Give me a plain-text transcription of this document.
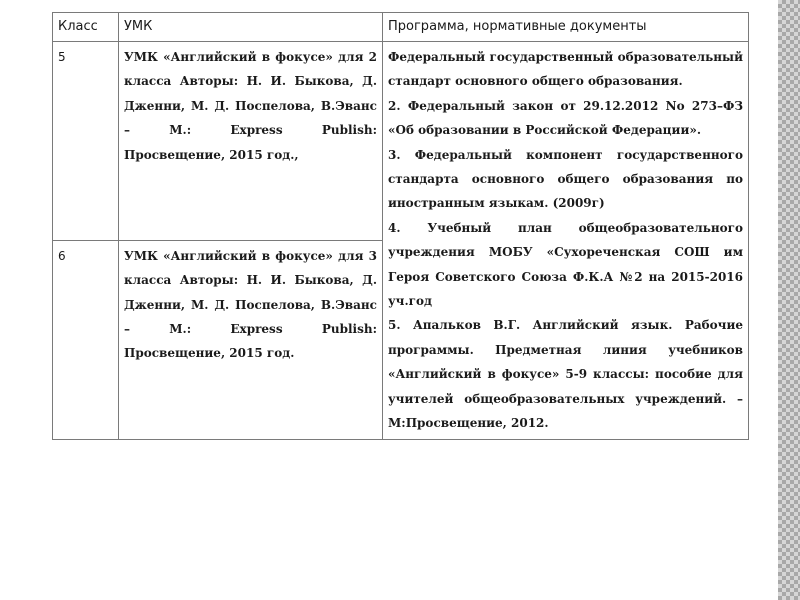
Класс	УМК	Программа, нормативные документы
5	УМК «Английский в фокусе» для 2 класса Авторы: Н. И. Быкова, Д. Дженни, М. Д. Поспелова, В.Эванс – М.: Express Publish: Просвещение, 2015 год.,	Федеральный государственный образовательный стандарт основного общего образования.
2. Федеральный закон от 29.12.2012 No 273–ФЗ «Об образовании в Российской Федерации».
3. Федеральный компонент государственного стандарта основного общего образования по иностранным языкам. (2009г)
4. Учебный план общеобразовательного учреждения МОБУ «Сухореченская СОШ им Героя Советского Союза Ф.К.А №2 на 2015-2016 уч.год
5. Апальков В.Г. Английский язык. Рабочие программы. Предметная линия учебников «Английский в фокусе» 5-9 классы: пособие для учителей общеобразовательных учреждений. – М:Просвещение, 2012.

6	УМК «Английский в фокусе» для 3 класса Авторы: Н. И. Быкова, Д. Дженни, М. Д. Поспелова, В.Эванс – М.: Express Publish: Просвещение, 2015 год.	
